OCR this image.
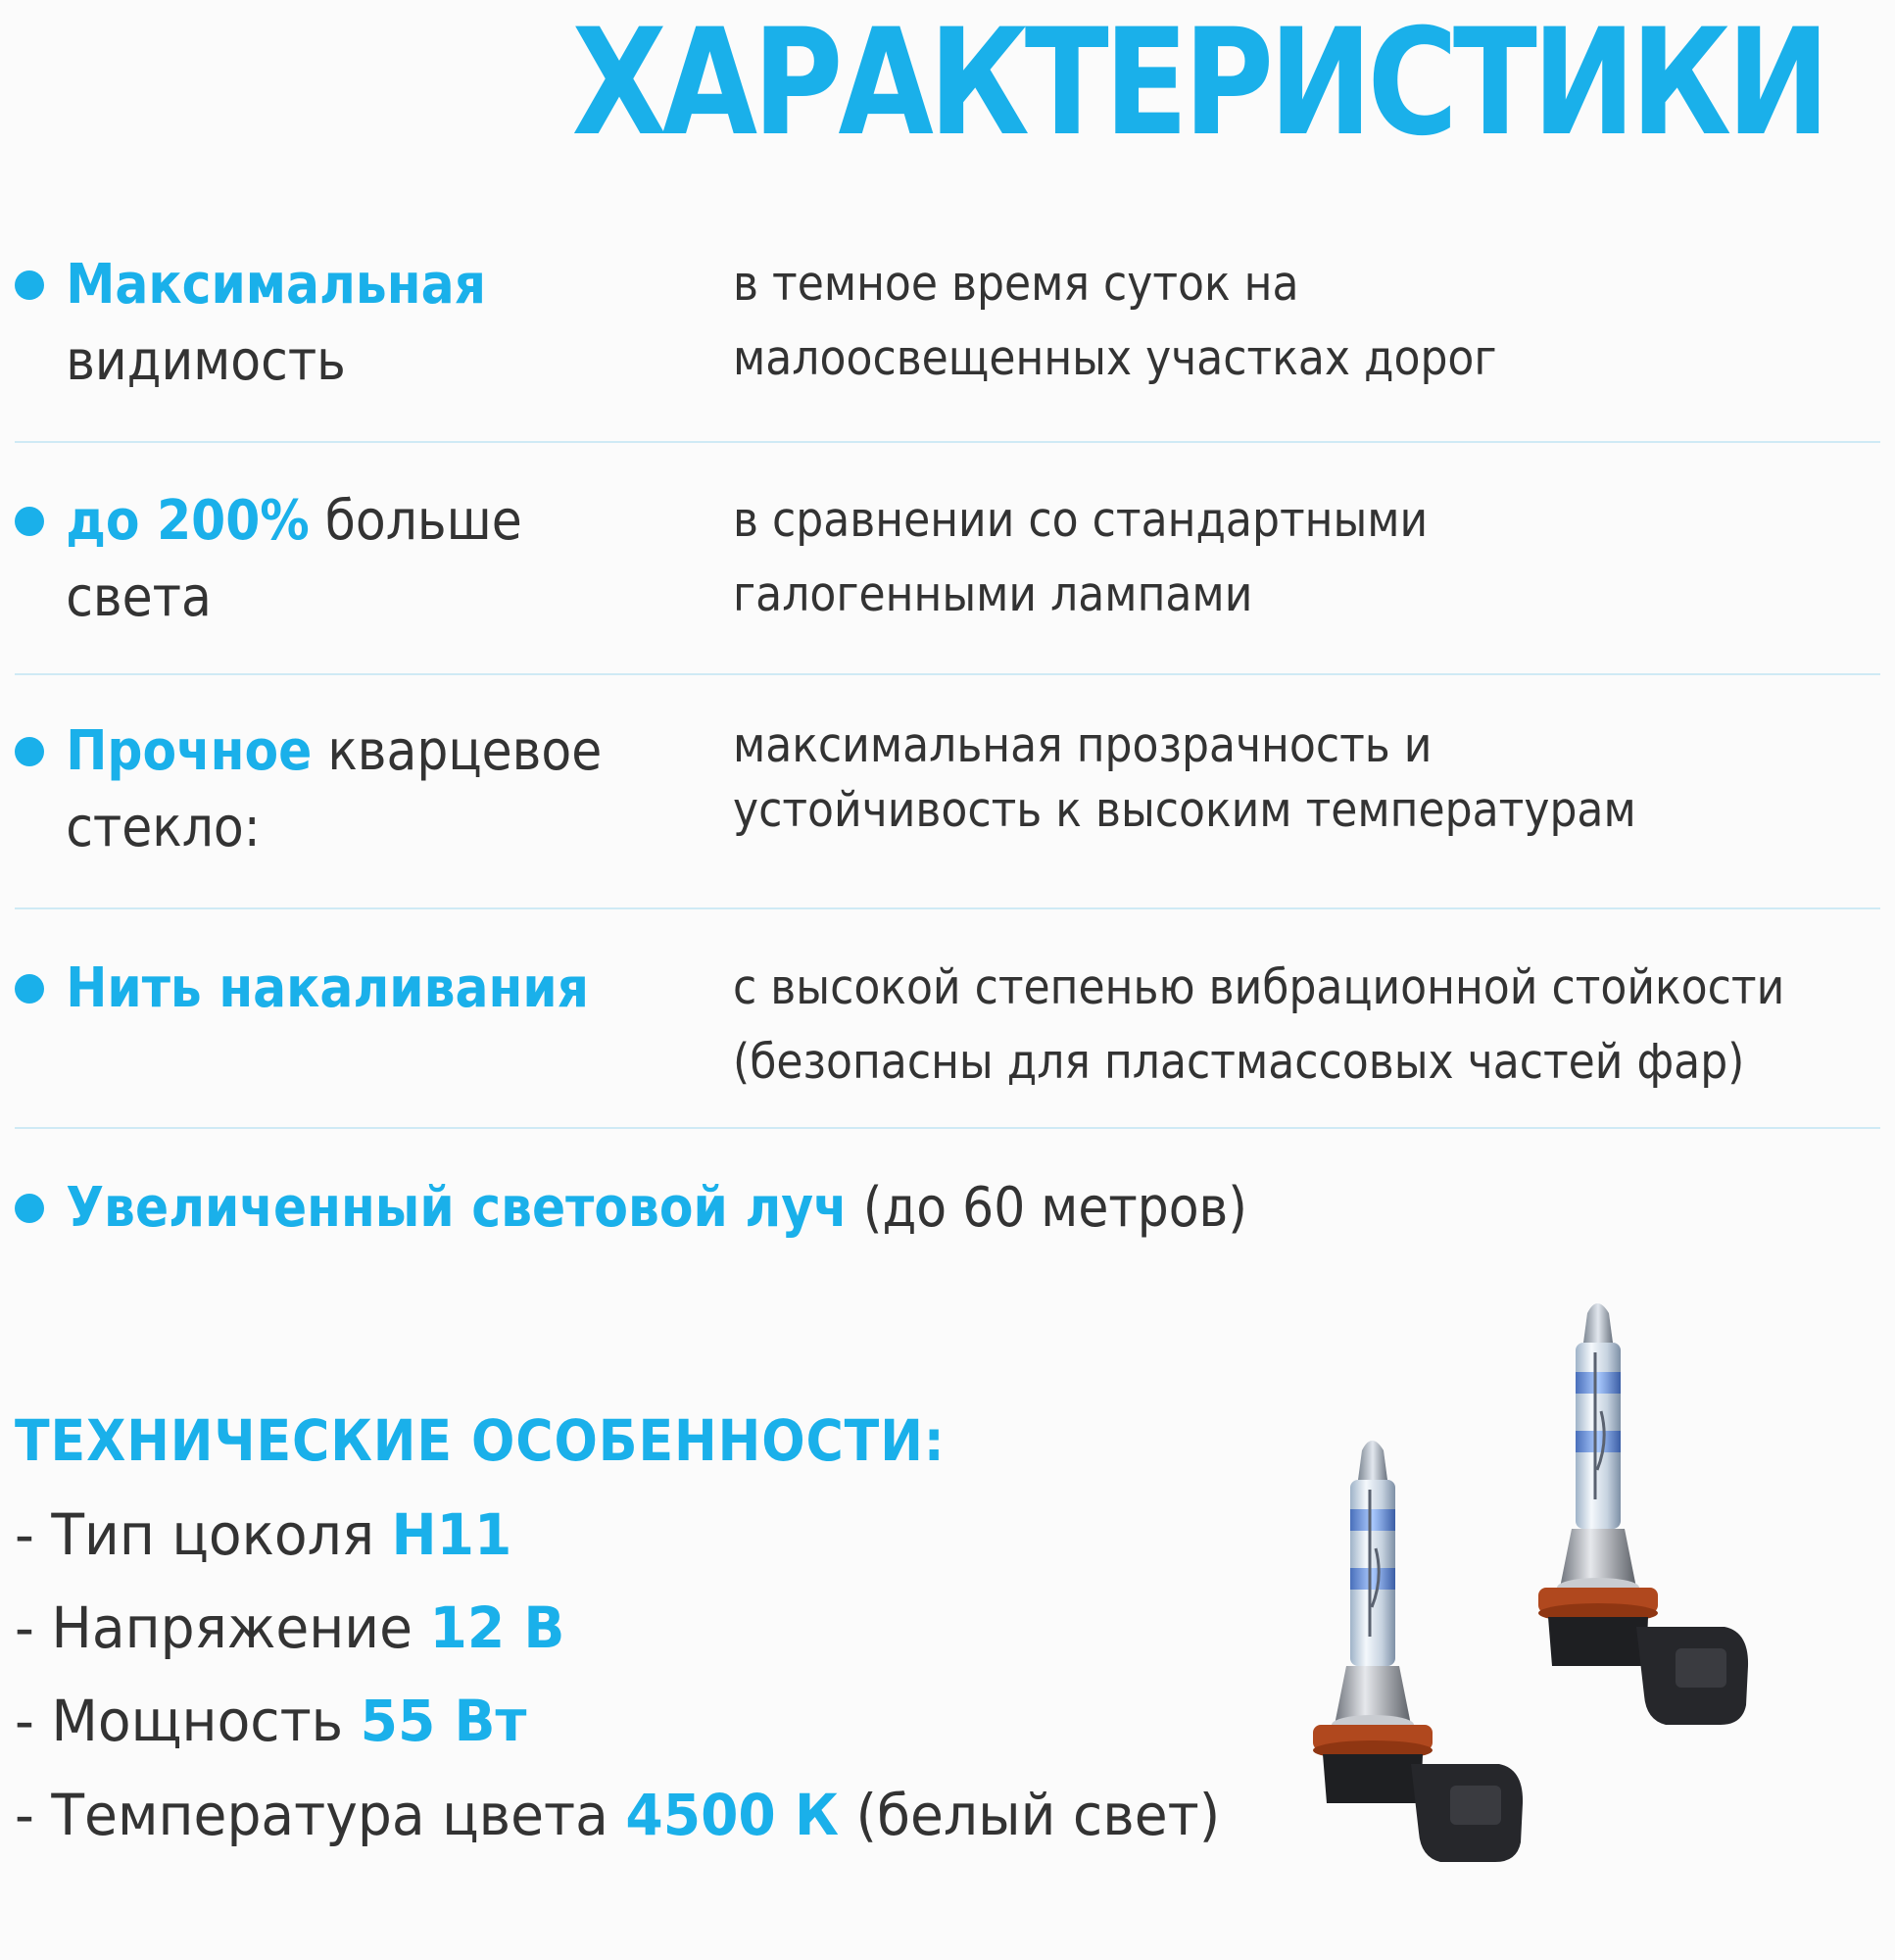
ХАРАКТЕРИСТИКИ
Максимальная
видимость
в темное время суток на
малоосвещенных участках дорог
до 200% больше
света
в сравнении со стандартными
галогенными лампами
Прочное кварцевое
стекло:
максимальная прозрачность и
устойчивость к высоким температурам
Нить накаливания	с высокой степенью вибрационной стойкости
(безопасны для пластмассовых частей фар)
Увеличенный световой луч (до 60 метров)
ТЕХНИЧЕСКИЕ ОСОБЕННОСТИ:
- Тип цоколя H11
- Напряжение 12 В
- Мощность 55 Вт
- Температура цвета 4500 К (белый свет)
